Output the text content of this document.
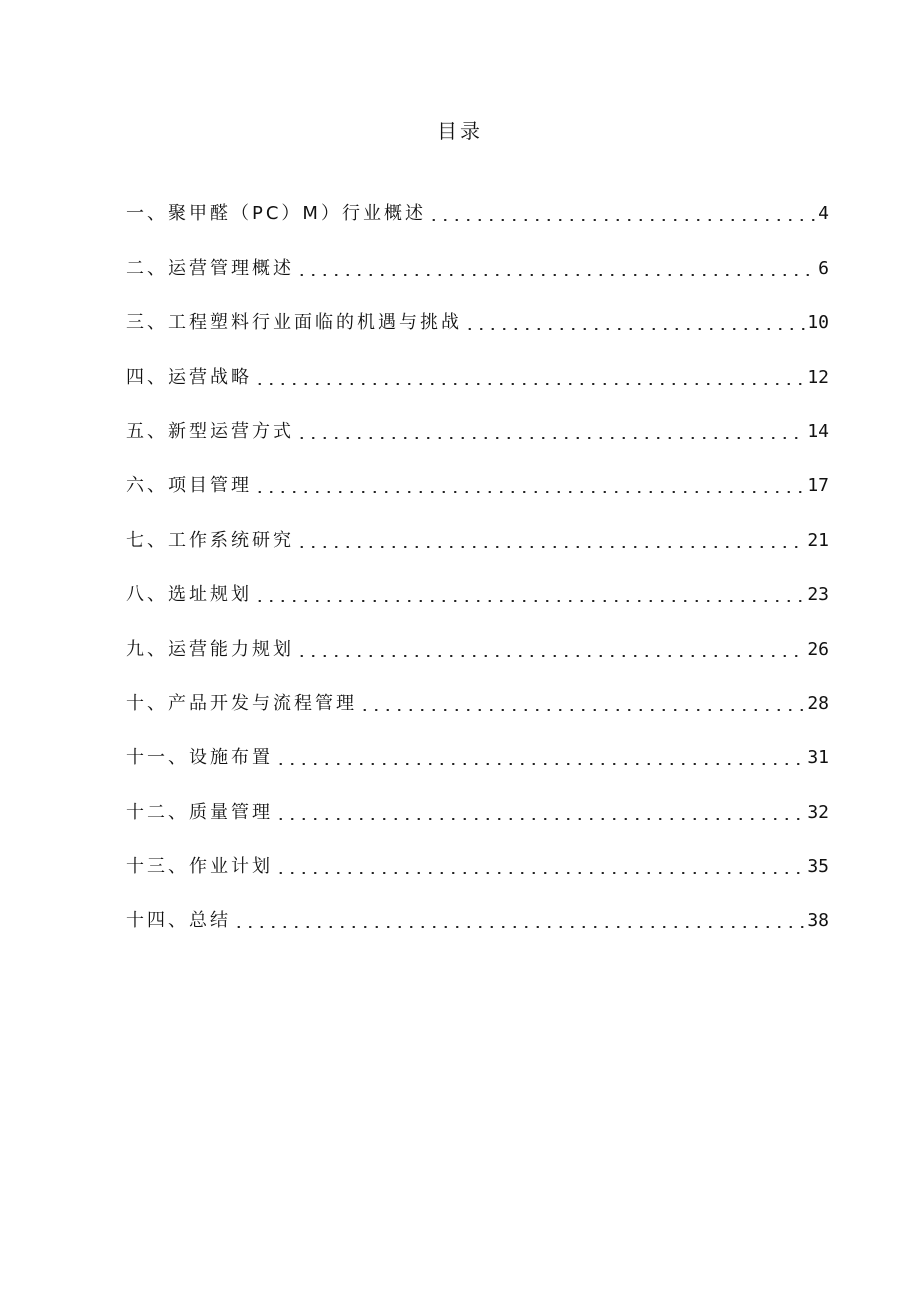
目录
一、聚甲醛（PC）M）行业概述	4
二、运营管理概述	6
三、工程塑料行业面临的机遇与挑战	10
四、运营战略	12
五、新型运营方式	14
六、项目管理	17
七、工作系统研究	21
八、选址规划	23
九、运营能力规划	26
十、产品开发与流程管理	28
十一、设施布置	31
十二、质量管理	32
十三、作业计划	35
十四、总结	38
